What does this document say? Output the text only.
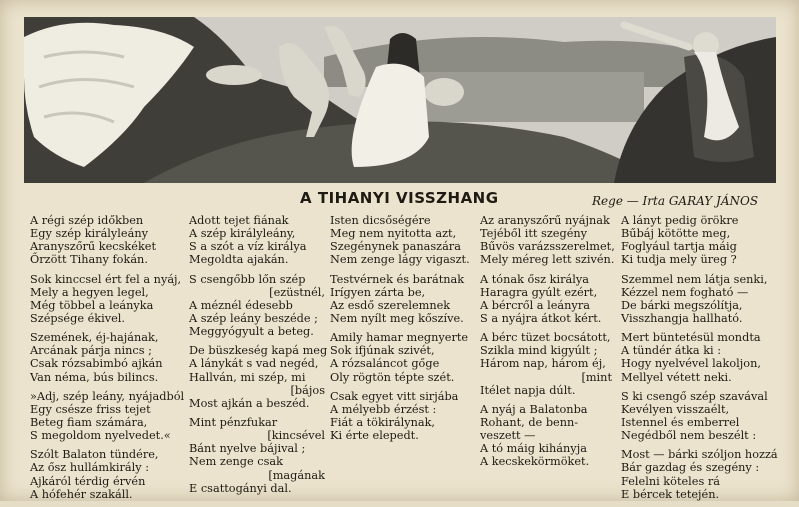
A TIHANYI VISSZHANG	Rege — Irta GARAY JÁNOS
A régi szép időkben
Egy szép királyleány
Aranyszőrű kecskéket
Őrzött Tihany fokán.
Sok kinccsel ért fel a nyáj,
Mely a hegyen legel,
Még többel a leányka
Szépsége ékivel.
Szemének, éj-hajának,
Arcának párja nincs ;
Csak rózsabimbó ajkán
Van néma, bús bilincs.
»Adj, szép leány, nyájadból
Egy csésze friss tejet
Beteg fiam számára,
S megoldom nyelvedet.«
Szólt Balaton tündére,
Az ősz hullámkirály :
Ajkáról térdig érvén
A hófehér szakáll.
Adott tejet fiának
A szép királyleány,
S a szót a víz királya
Megoldta ajakán.
S csengőbb lőn szép
[ezüstnél,
A méznél édesebb
A szép leány beszéde ;
Meggyógyult a beteg.
De büszkeség kapá meg
A lánykát s vad negéd,
Hallván, mi szép, mi
[bájos
Most ajkán a beszéd.
Mint pénzfukar
[kincsével
Bánt nyelve bájival ;
Nem zenge csak
[magának
E csattogányi dal.
Isten dicsőségére
Meg nem nyitotta azt,
Szegénynek panaszára
Nem zenge lágy vigaszt.
Testvérnek és barátnak
Irígyen zárta be,
Az esdő szerelemnek
Nem nyílt meg kőszíve.
Amily hamar megnyerte
Sok ifjúnak szivét,
A rózsaláncot gőge
Oly rögtön tépte szét.
Csak egyet vitt sirjába
A mélyebb érzést :
Fiát a tökirálynak,
Ki érte elepedt.
Az aranyszőrű nyájnak
Tejéből itt szegény
Bűvös varázsszerelmet,
Mely méreg lett szivén.
A tónak ősz királya
Haragra gyúlt ezért,
A bércről a leányra
S a nyájra átkot kért.
A bérc tüzet bocsátott,
Szikla mind kigyúlt ;
Három nap, három éj,
[mint
Itélet napja dúlt.
A nyáj a Balatonba
Rohant, de benn-
veszett —
A tó máig kihányja
A kecskekörmöket.
A lányt pedig örökre
Bűbáj kötötte meg,
Foglyául tartja máig
Ki tudja mely üreg ?
Szemmel nem látja senki,
Kézzel nem fogható —
De bárki megszólítja,
Visszhangja hallható.
Mert büntetésül mondta
A tündér átka ki :
Hogy nyelvével lakoljon,
Mellyel vétett neki.
S ki csengő szép szavával
Kevélyen visszaélt,
Istennel és emberrel
Negédből nem beszélt :
Most — bárki szóljon hozzá
Bár gazdag és szegény :
Felelni köteles rá
E bércek tetején.
